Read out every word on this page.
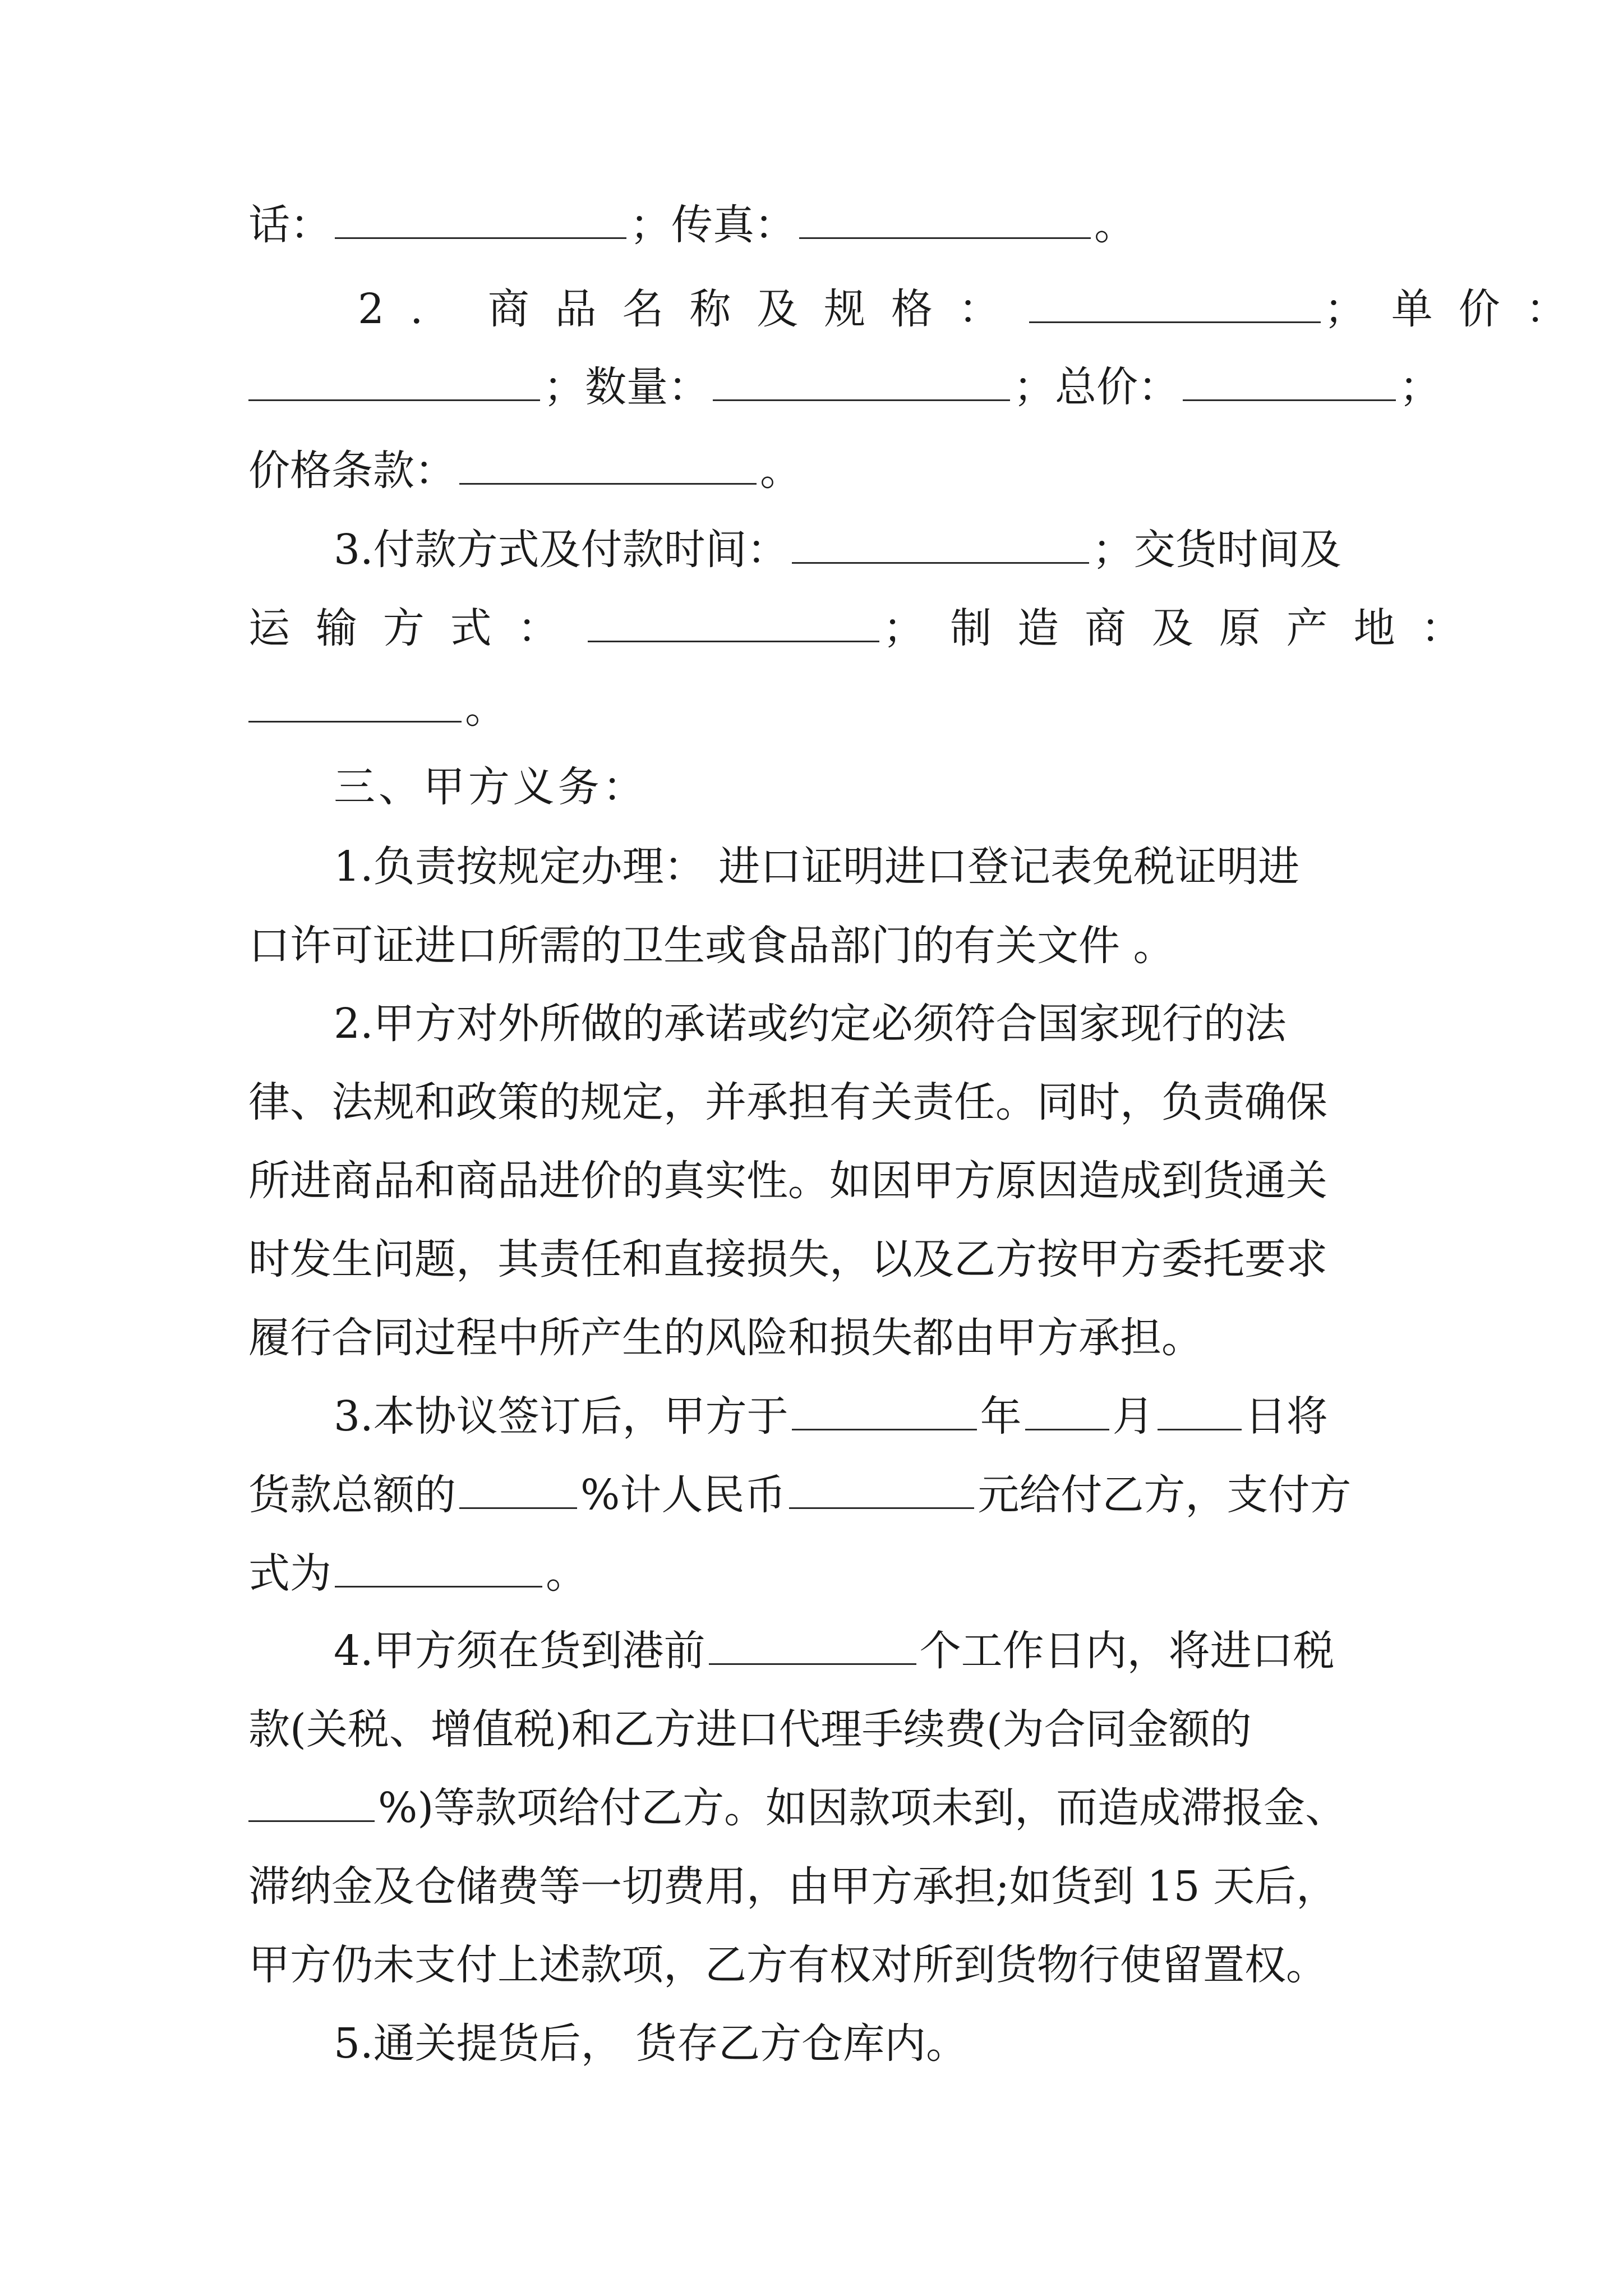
话：	；传真：	。
2. 商品名称及规格：	；单价：
；数量：	；总价：	；
价格条款：	。
3.付款方式及付款时间：	；交货时间及
运输方式：	；制造商及原产地：
。
三、甲方义务：
1.负责按规定办理： 进口证明进口登记表免税证明进
口许可证进口所需的卫生或食品部门的有关文件 。
2.甲方对外所做的承诺或约定必须符合国家现行的法
律、法规和政策的规定，并承担有关责任。同时，负责确保
所进商品和商品进价的真实性。如因甲方原因造成到货通关
时发生问题，其责任和直接损失，以及乙方按甲方委托要求
履行合同过程中所产生的风险和损失都由甲方承担。
3.本协议签订后，甲方于	年 月 日将
货款总额的	%计人民币	元给付乙方，支付方
式为	。
4.甲方须在货到港前	个工作日内，将进口税
款(关税、增值税)和乙方进口代理手续费(为合同金额的
%)等款项给付乙方。如因款项未到，而造成滞报金、
滞纳金及仓储费等一切费用，由甲方承担;如货到 15 天后，
甲方仍未支付上述款项，乙方有权对所到货物行使留置权。
5.通关提货后， 货存乙方仓库内。
